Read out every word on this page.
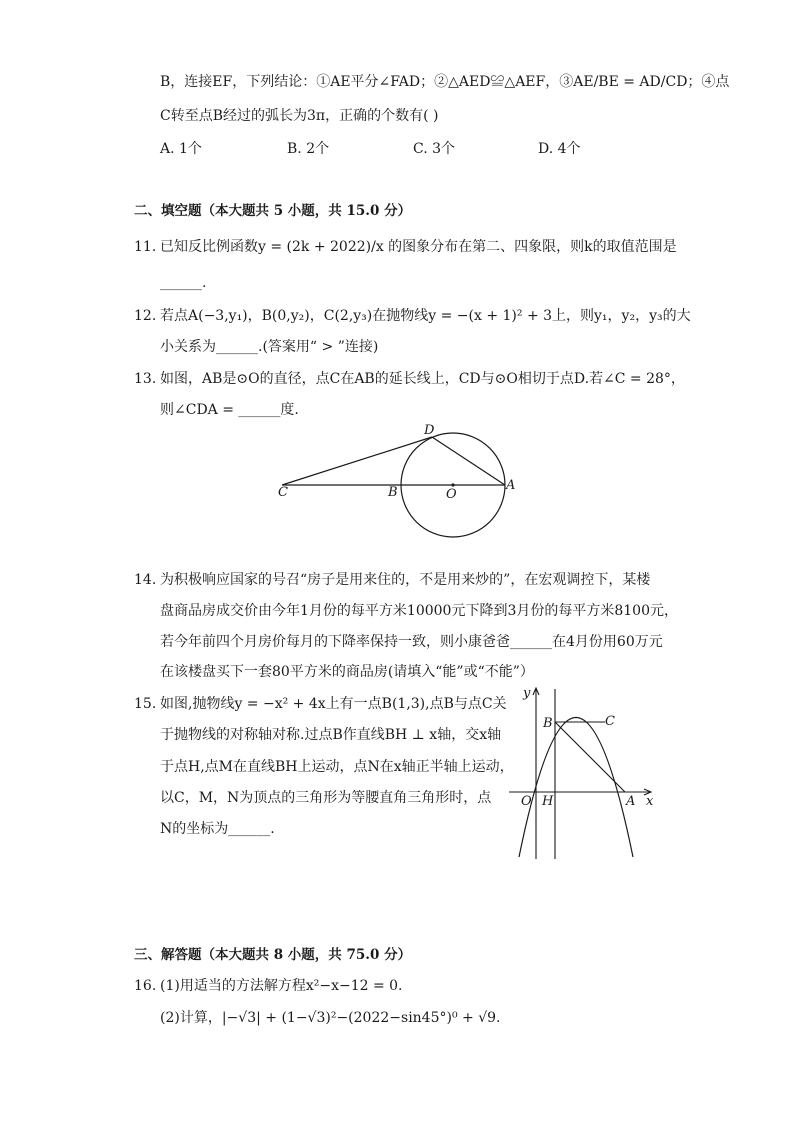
B，连接EF，下列结论：①AE平分∠FAD；②△AED≌△AEF，③AE/BE = AD/CD；④点
C转至点B经过的弧长为3π，正确的个数有( )
A. 1个	B. 2个	C. 3个	D. 4个
二、填空题（本大题共 5 小题，共 15.0 分）
11. 已知反比例函数y = (2k + 2022)/x 的图象分布在第二、四象限，则k的取值范围是
______.
12. 若点A(−3,y₁)，B(0,y₂)，C(2,y₃)在抛物线y = −(x + 1)² + 3上，则y₁，y₂，y₃的大
小关系为______.(答案用“ > ”连接)
13. 如图，AB是⊙O的直径，点C在AB的延长线上，CD与⊙O相切于点D.若∠C = 28°，
则∠CDA = ______度.
C	B	O
A
D
14. 为积极响应国家的号召“房子是用来住的，不是用来炒的”，在宏观调控下，某楼
盘商品房成交价由今年1月份的每平方米10000元下降到3月份的每平方米8100元，
若今年前四个月房价每月的下降率保持一致，则小康爸爸______在4月份用60万元
在该楼盘买下一套80平方米的商品房(请填入“能”或“不能”）
15. 如图,抛物线y = −x² + 4x上有一点B(1,3),点B与点C关
于抛物线的对称轴对称.过点B作直线BH ⊥ x轴，交x轴
于点H,点M在直线BH上运动，点N在x轴正半轴上运动，
以C，M，N为顶点的三角形为等腰直角三角形时，点
N的坐标为______.
y
x
B	C
O H	A
三、解答题（本大题共 8 小题，共 75.0 分）
16. (1)用适当的方法解方程x²−x−12 = 0.
(2)计算，|−√3| + (1−√3)²−(2022−sin45°)⁰ + √9.
